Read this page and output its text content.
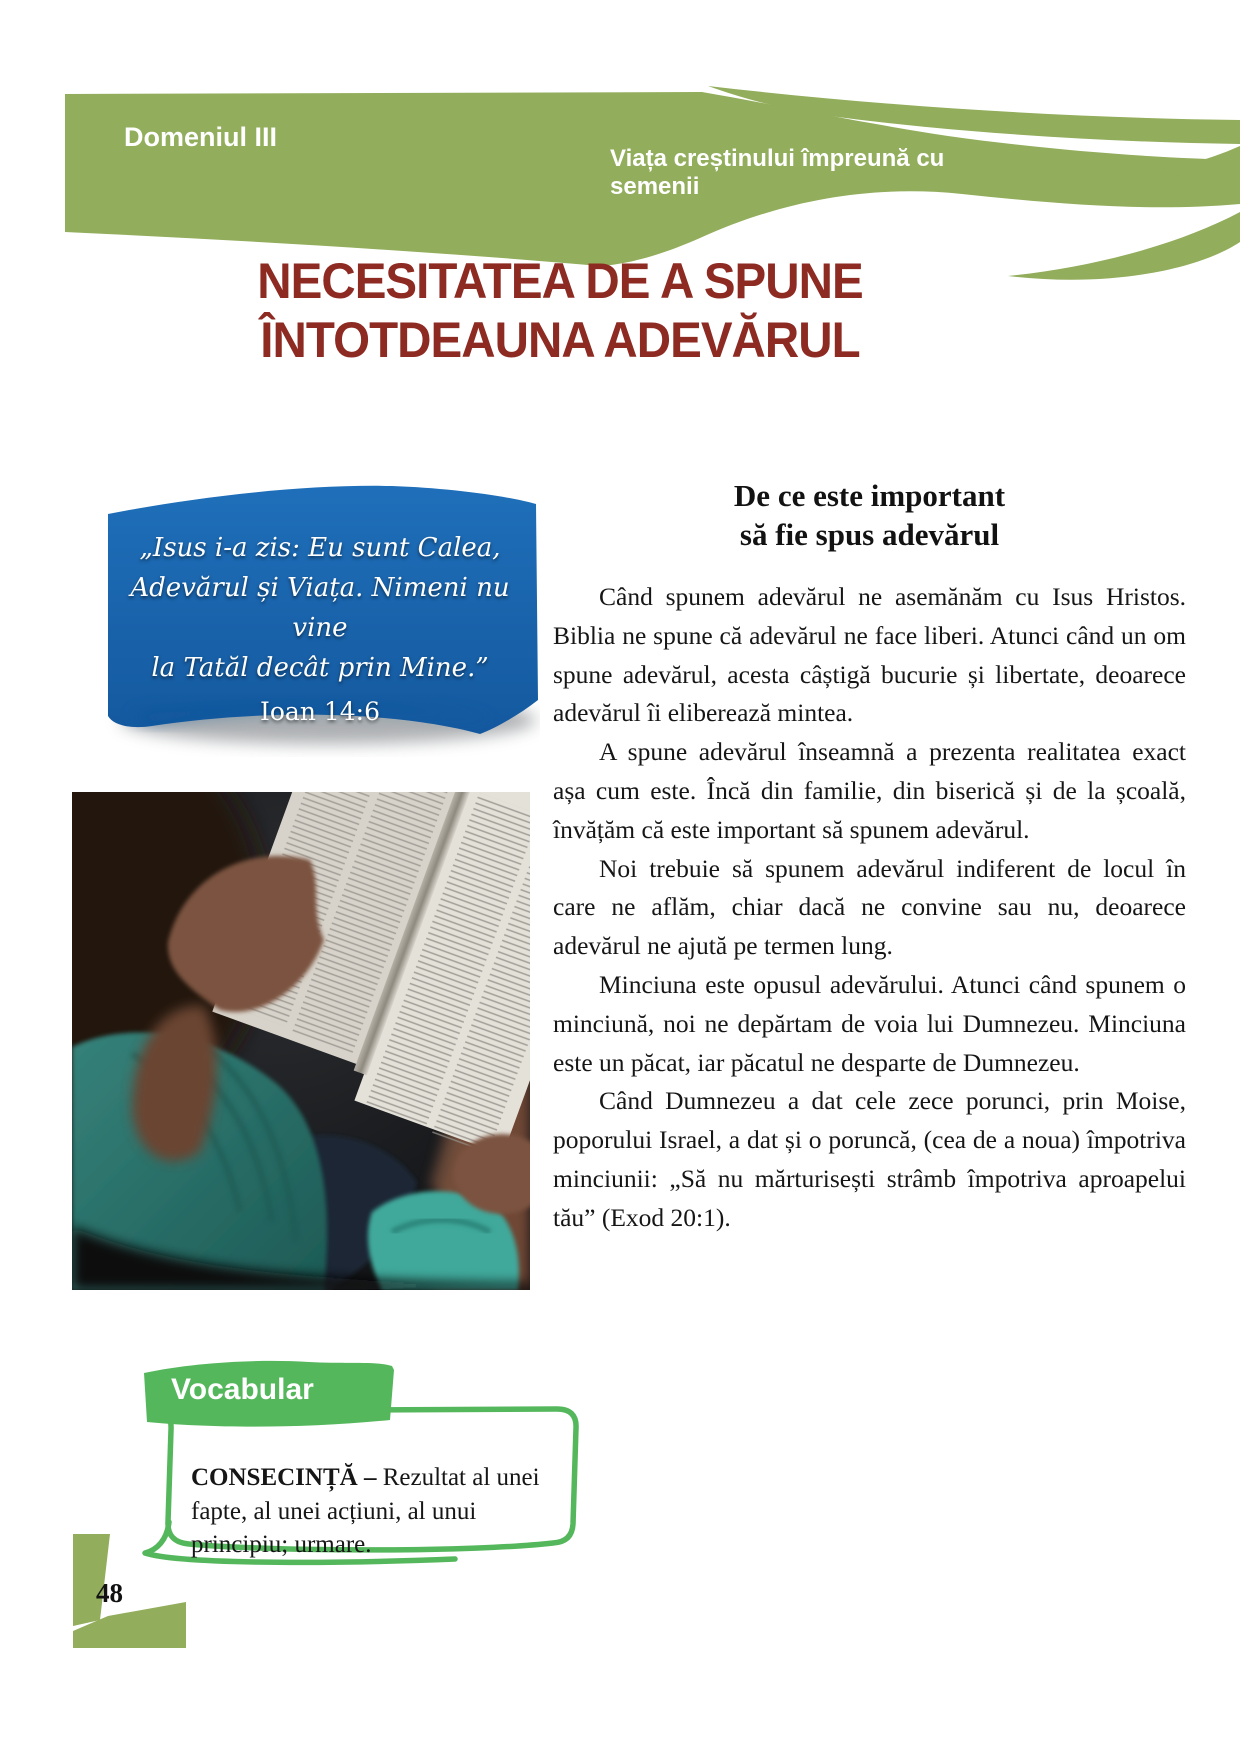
Domeniul III
Viața creștinului împreună cu semenii
NECESITATEA DE A SPUNE
ÎNTOTDEAUNA ADEVĂRUL
„Isus i-a zis: Eu sunt Calea,
Adevărul și Viața. Nimeni nu vine
la Tatăl decât prin Mine.”
Ioan 14:6
De ce este important
să fie spus adevărul

Când spunem adevărul ne asemănăm cu Isus Hristos. Biblia ne spune că adevărul ne face liberi. Atunci când un om spune adevărul, acesta câștigă bucurie și libertate, deoarece adevărul îi eliberează mintea.

A spune adevărul înseamnă a prezenta realitatea exact așa cum este. Încă din familie, din biserică și de la școală, învățăm că este important să spunem adevărul.

Noi trebuie să spunem adevărul indiferent de locul în care ne aflăm, chiar dacă ne convine sau nu, deoarece adevărul ne ajută pe termen lung.

Minciuna este opusul adevărului. Atunci când spunem o minciună, noi ne depărtam de voia lui Dumnezeu. Minciuna este un păcat, iar păcatul ne desparte de Dumnezeu.

Când Dumnezeu a dat cele zece porunci, prin Moise, poporului Israel, a dat și o poruncă, (cea de a noua) împotriva minciunii: „Să nu mărturisești strâmb împotriva aproapelui tău” (Exod 20:1).

CONSECINȚĂ – Rezultat al unei fapte, al unei acțiuni, al unui principiu; urmare.

Vocabular
48
